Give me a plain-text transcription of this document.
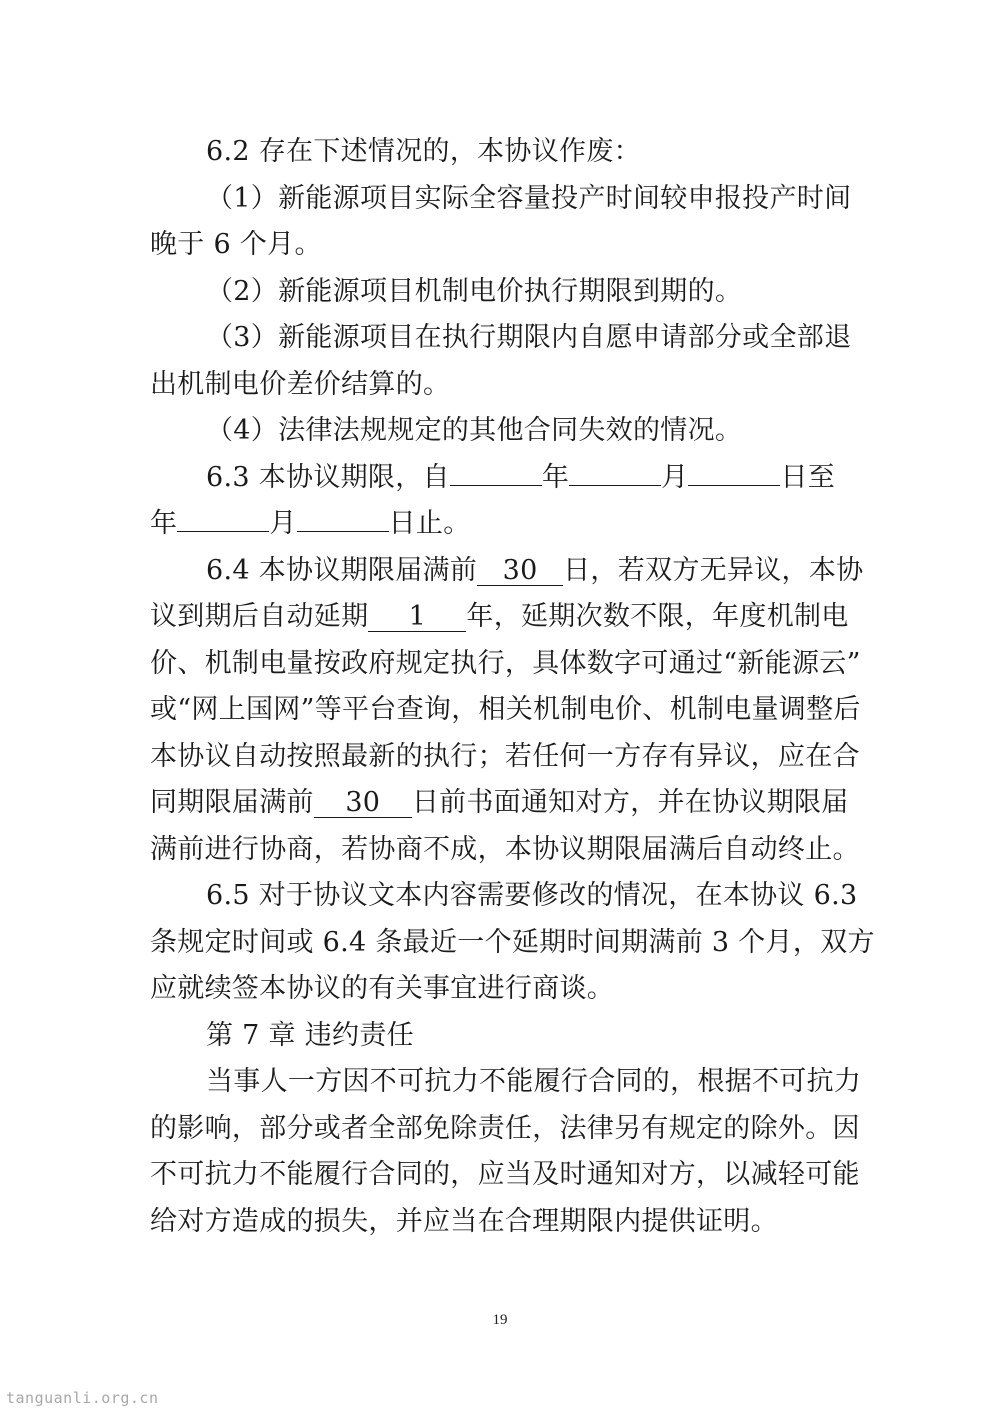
6.2 存在下述情况的，本协议作废：
（1）新能源项目实际全容量投产时间较申报投产时间
晚于 6 个月。
（2）新能源项目机制电价执行期限到期的。
（3）新能源项目在执行期限内自愿申请部分或全部退
出机制电价差价结算的。
（4）法律法规规定的其他合同失效的情况。
6.3 本协议期限，自	年	月	日至
年	月	日止。
6.4 本协议期限届满前 30 日，若双方无异议，本协
议到期后自动延期 1 年，延期次数不限，年度机制电
价、机制电量按政府规定执行，具体数字可通过“新能源云”
或“网上国网”等平台查询，相关机制电价、机制电量调整后
本协议自动按照最新的执行；若任何一方存有异议，应在合
同期限届满前 30 日前书面通知对方，并在协议期限届
满前进行协商，若协商不成，本协议期限届满后自动终止。
6.5 对于协议文本内容需要修改的情况，在本协议 6.3
条规定时间或 6.4 条最近一个延期时间期满前 3 个月，双方
应就续签本协议的有关事宜进行商谈。
第 7 章 违约责任
当事人一方因不可抗力不能履行合同的，根据不可抗力
的影响，部分或者全部免除责任，法律另有规定的除外。因
不可抗力不能履行合同的，应当及时通知对方，以减轻可能
给对方造成的损失，并应当在合理期限内提供证明。
19
tanguanli.org.cn
